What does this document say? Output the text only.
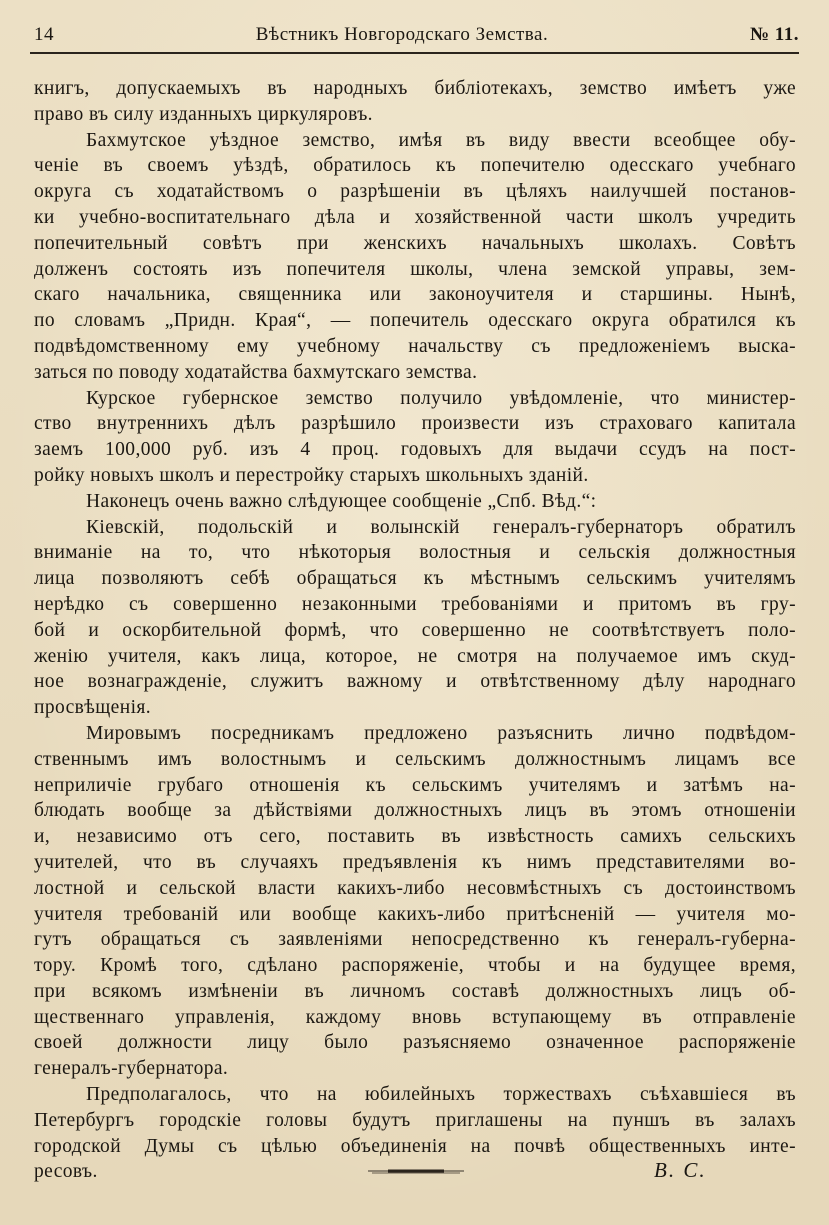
14	Вѣстникъ Новгородскаго Земства.	№ 11.
книгъ, допускаемыхъ въ народныхъ библіотекахъ, земство имѣетъ уже
право въ силу изданныхъ циркуляровъ.
Бахмутское уѣздное земство, имѣя въ виду ввести всеобщее обу-
ченіе въ своемъ уѣздѣ, обратилось къ попечителю одесскаго учебнаго
округа съ ходатайствомъ о разрѣшеніи въ цѣляхъ наилучшей постанов-
ки учебно-воспитательнаго дѣла и хозяйственной части школъ учредить
попечительный совѣтъ при женскихъ начальныхъ школахъ. Совѣтъ
долженъ состоять изъ попечителя школы, члена земской управы, зем-
скаго начальника, священника или законоучителя и старшины. Нынѣ,
по словамъ „Придн. Края“, — попечитель одесскаго округа обратился къ
подвѣдомственному ему учебному начальству съ предложеніемъ выска-
заться по поводу ходатайства бахмутскаго земства.
Курское губернское земство получило увѣдомленіе, что министер-
ство внутреннихъ дѣлъ разрѣшило произвести изъ страховаго капитала
заемъ 100,000 руб. изъ 4 проц. годовыхъ для выдачи ссудъ на пост-
ройку новыхъ школъ и перестройку старыхъ школьныхъ зданій.
Наконецъ очень важно слѣдующее сообщеніе „Спб. Вѣд.“:
Кіевскій, подольскій и волынскій генералъ-губернаторъ обратилъ
вниманіе на то, что нѣкоторыя волостныя и сельскія должностныя
лица позволяютъ себѣ обращаться къ мѣстнымъ сельскимъ учителямъ
нерѣдко съ совершенно незаконными требованіями и притомъ въ гру-
бой и оскорбительной формѣ, что совершенно не соотвѣтствуетъ поло-
женію учителя, какъ лица, которое, не смотря на получаемое имъ скуд-
ное вознагражденіе, служитъ важному и отвѣтственному дѣлу народнаго
просвѣщенія.
Мировымъ посредникамъ предложено разъяснить лично подвѣдом-
ственнымъ имъ волостнымъ и сельскимъ должностнымъ лицамъ все
неприличіе грубаго отношенія къ сельскимъ учителямъ и затѣмъ на-
блюдать вообще за дѣйствіями должностныхъ лицъ въ этомъ отношеніи
и, независимо отъ сего, поставить въ извѣстность самихъ сельскихъ
учителей, что въ случаяхъ предъявленія къ нимъ представителями во-
лостной и сельской власти какихъ-либо несовмѣстныхъ съ достоинствомъ
учителя требованій или вообще какихъ-либо притѣсненій — учителя мо-
гутъ обращаться съ заявленіями непосредственно къ генералъ-губерна-
тору. Кромѣ того, сдѣлано распоряженіе, чтобы и на будущее время,
при всякомъ измѣненіи въ личномъ составѣ должностныхъ лицъ об-
щественнаго управленія, каждому вновь вступающему въ отправленіе
своей должности лицу было разъясняемо означенное распоряженіе
генералъ-губернатора.
Предполагалось, что на юбилейныхъ торжествахъ съѣхавшіеся въ
Петербургъ городскіе головы будутъ приглашены на пуншъ въ залахъ
городской Думы съ цѣлью объединенія на почвѣ общественныхъ инте-
ресовъ.	В. С.
